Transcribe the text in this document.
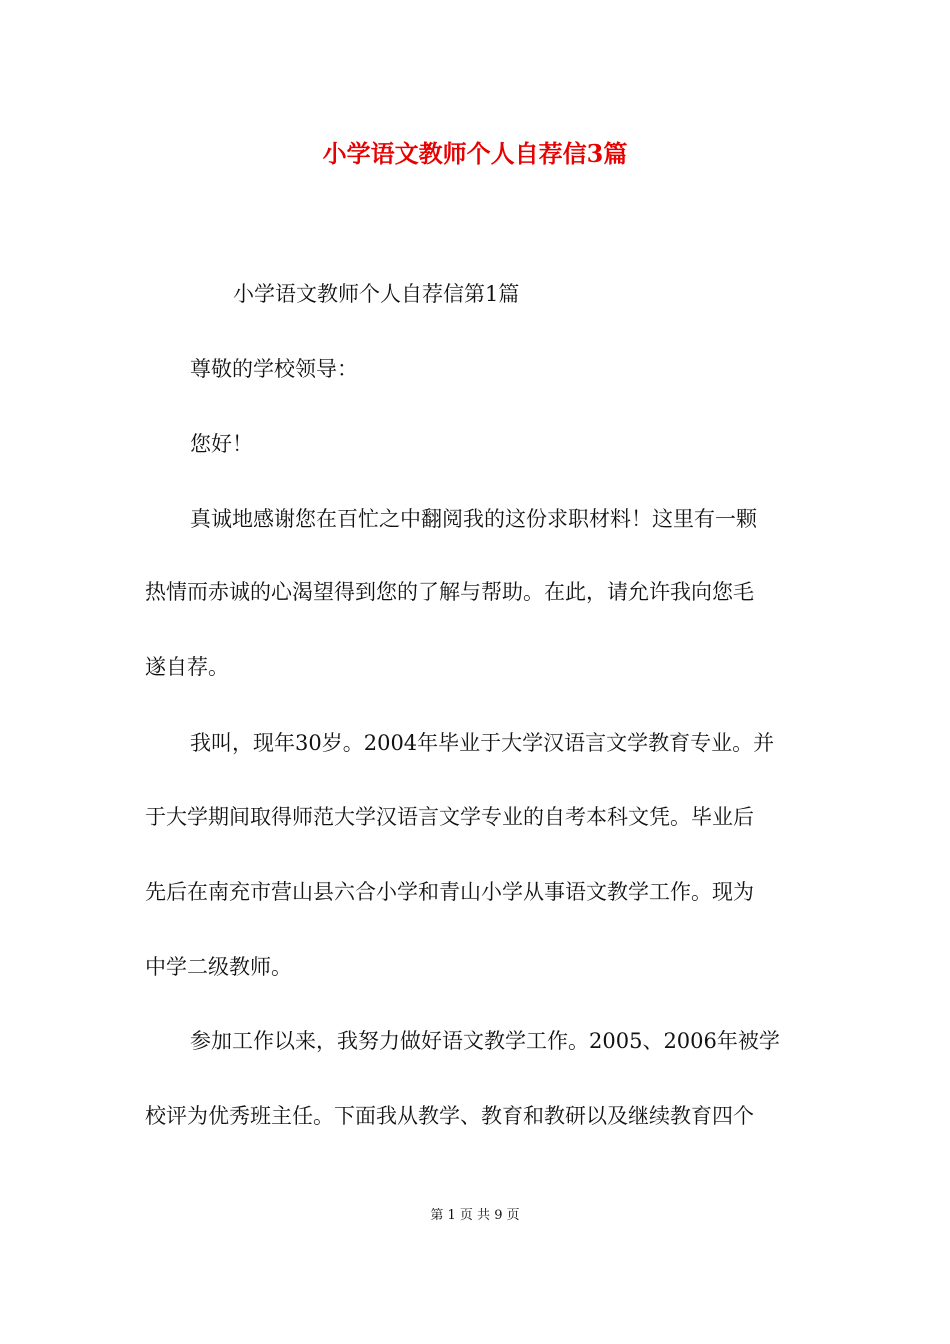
小学语文教师个人自荐信3篇
小学语文教师个人自荐信第1篇
尊敬的学校领导：
您好！
真诚地感谢您在百忙之中翻阅我的这份求职材料！这里有一颗
热情而赤诚的心渴望得到您的了解与帮助。在此，请允许我向您毛
遂自荐。
我叫，现年30岁。2004年毕业于大学汉语言文学教育专业。并
于大学期间取得师范大学汉语言文学专业的自考本科文凭。毕业后
先后在南充市营山县六合小学和青山小学从事语文教学工作。现为
中学二级教师。
参加工作以来，我努力做好语文教学工作。2005、2006年被学
校评为优秀班主任。下面我从教学、教育和教研以及继续教育四个
第 1 页 共 9 页
